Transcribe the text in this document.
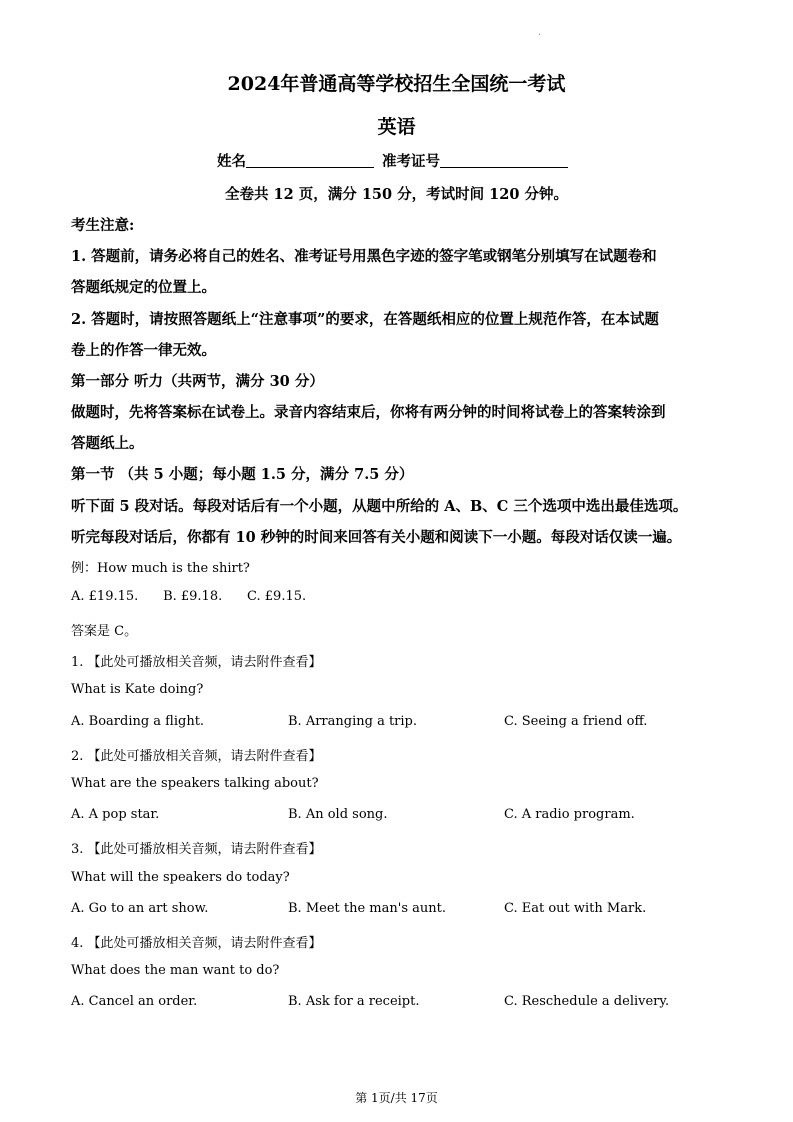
.
2024年普通高等学校招生全国统一考试
英语
姓名	准考证号
全卷共 12 页，满分 150 分，考试时间 120 分钟。
考生注意:
1. 答题前，请务必将自己的姓名、准考证号用黑色字迹的签字笔或钢笔分别填写在试题卷和
答题纸规定的位置上。
2. 答题时，请按照答题纸上“注意事项”的要求，在答题纸相应的位置上规范作答，在本试题
卷上的作答一律无效。
第一部分 听力（共两节，满分 30 分）
做题时，先将答案标在试卷上。录音内容结束后，你将有两分钟的时间将试卷上的答案转涂到
答题纸上。
第一节 （共 5 小题；每小题 1.5 分，满分 7.5 分）
听下面 5 段对话。每段对话后有一个小题，从题中所给的 A、B、C 三个选项中选出最佳选项。
听完每段对话后，你都有 10 秒钟的时间来回答有关小题和阅读下一小题。每段对话仅读一遍。
例：How much is the shirt?
A. £19.15.      B. £9.18.      C. £9.15.
答案是 C。
1. 【此处可播放相关音频，请去附件查看】
What is Kate doing?
A. Boarding a flight.	B. Arranging a trip.	C. Seeing a friend off.
2. 【此处可播放相关音频，请去附件查看】
What are the speakers talking about?
A. A pop star.	B. An old song.	C. A radio program.
3. 【此处可播放相关音频，请去附件查看】
What will the speakers do today?
A. Go to an art show.	B. Meet the man's aunt.	C. Eat out with Mark.
4. 【此处可播放相关音频，请去附件查看】
What does the man want to do?
A. Cancel an order.	B. Ask for a receipt.	C. Reschedule a delivery.
第 1页/共 17页
